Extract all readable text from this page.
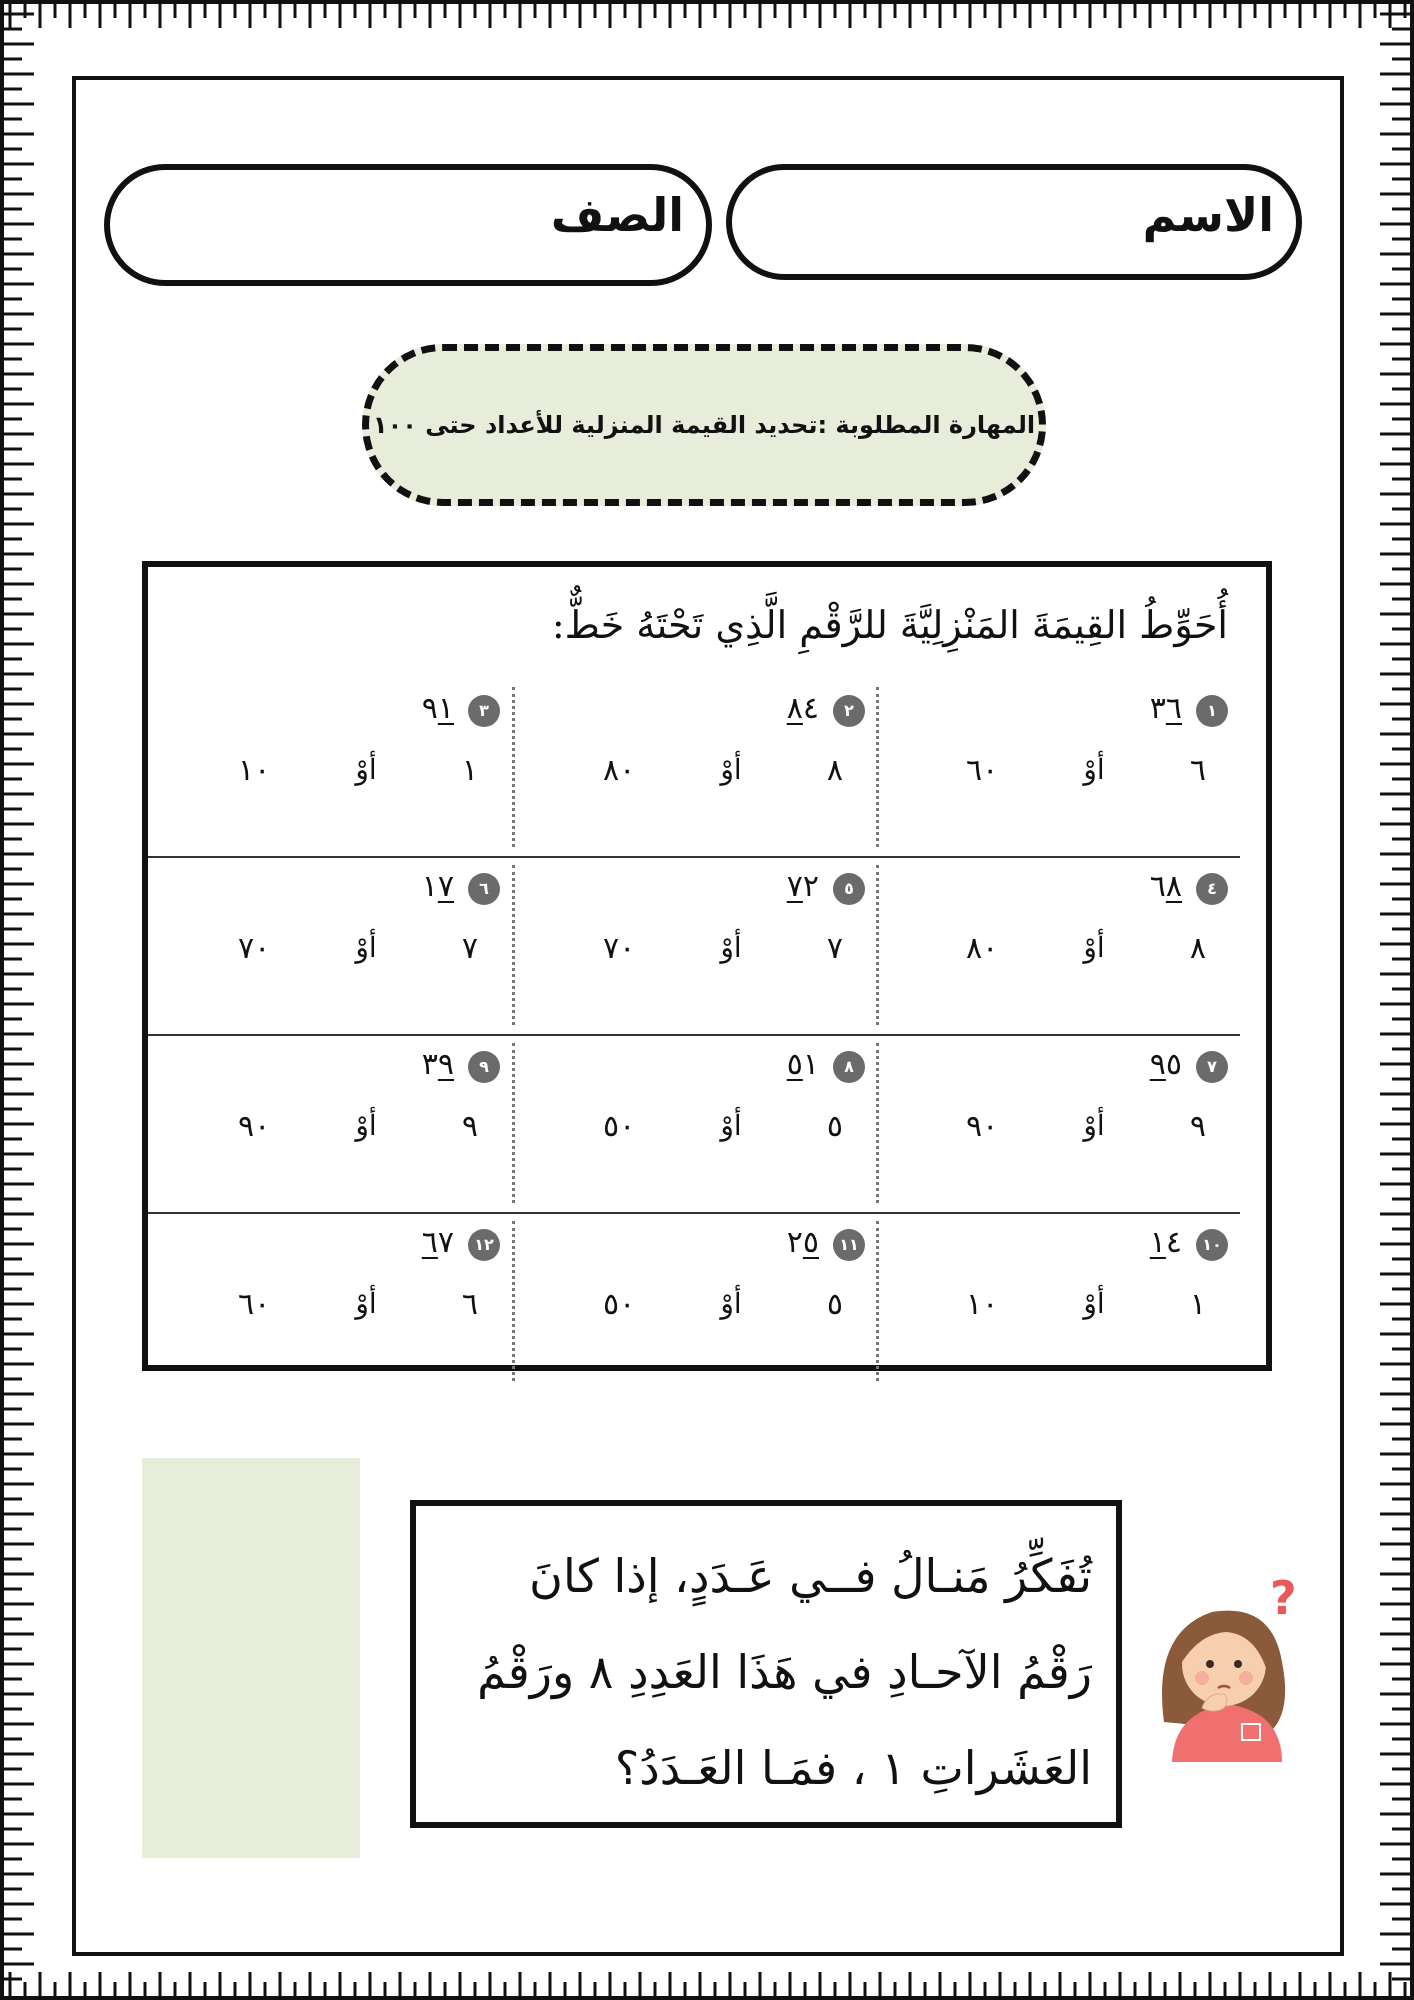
الاسم
الصف
المهارة المطلوبة :تحديد القيمة المنزلية للأعداد حتى ١٠٠
أُحَوِّطُ القِيمَةَ المَنْزِلِيَّةَ للرَّقْمِ الَّذِي تَحْتَهُ خَطٌّ:
١
٦
٣
٦
أوْ
٦٠
٢
٤
٨
٨
أوْ
٨٠
٣
١
٩
١
أوْ
١٠
٤
٨
٦
٨
أوْ
٨٠
٥
٢
٧
٧
أوْ
٧٠
٦
٧
١
٧
أوْ
٧٠
٧
٥
٩
٩
أوْ
٩٠
٨
١
٥
٥
أوْ
٥٠
٩
٩
٣
٩
أوْ
٩٠
١٠
٤
١
١
أوْ
١٠
١١
٥
٢
٥
أوْ
٥٠
١٢
٧
٦
٦
أوْ
٦٠
تُفَكِّرُ مَنـالُ فــي عَـدَدٍ، إذا كانَ
رَقْمُ الآحـادِ في هَذَا العَدِدِ ٨ ورَقْمُ
العَشَراتِ ١ ، فمَـا العَـدَدُ؟
?
